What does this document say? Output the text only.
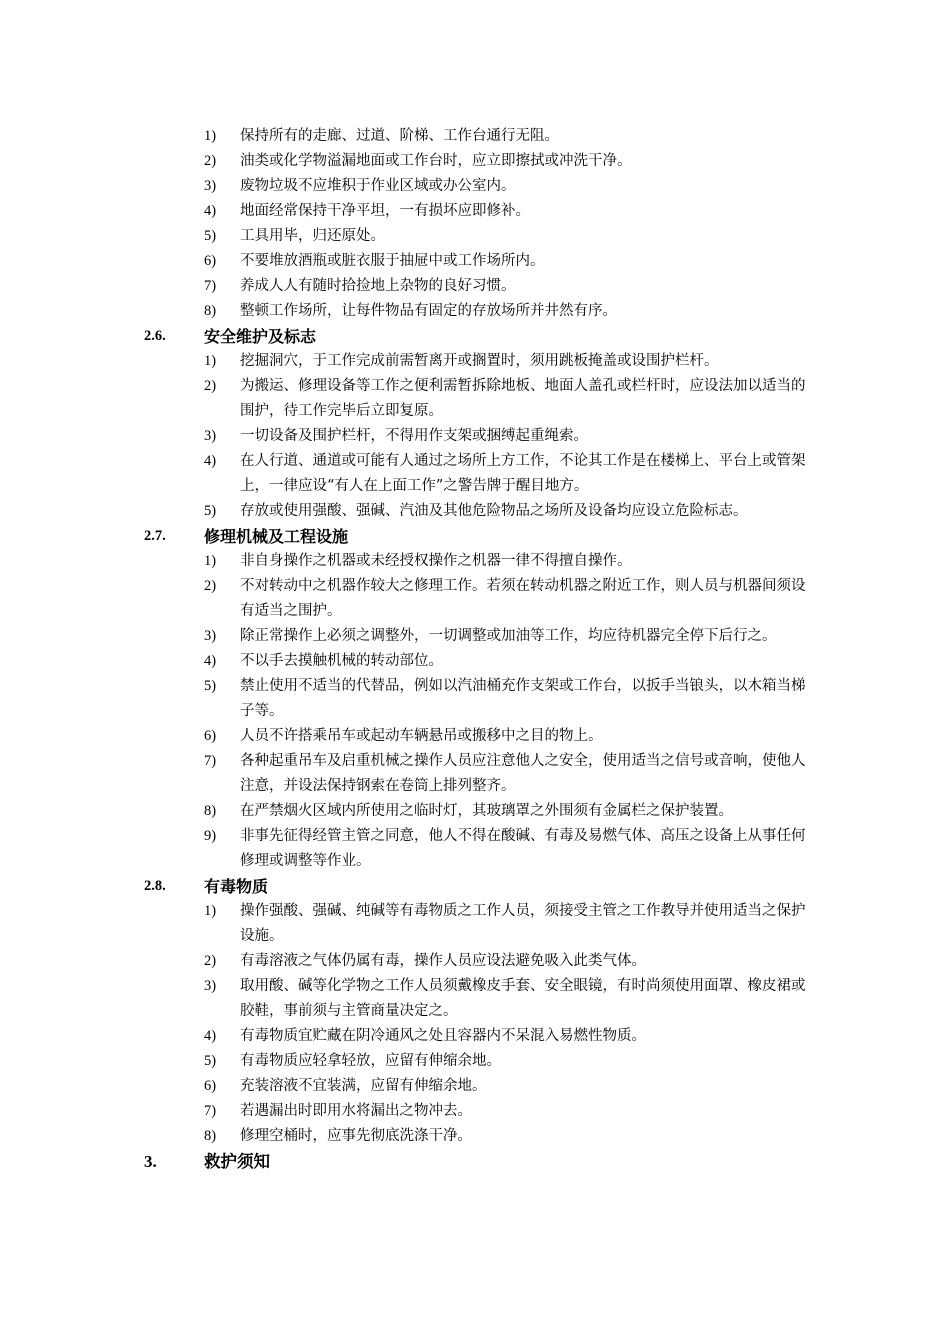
1) 保持所有的走廊、过道、阶梯、工作台通行无阻。
2) 油类或化学物溢漏地面或工作台时，应立即擦拭或冲洗干净。
3) 废物垃圾不应堆积于作业区域或办公室内。
4) 地面经常保持干净平坦，一有损坏应即修补。
5) 工具用毕，归还原处。
6) 不要堆放酒瓶或脏衣服于抽屉中或工作场所内。
7) 养成人人有随时拾捡地上杂物的良好习惯。
8) 整顿工作场所，让每件物品有固定的存放场所并井然有序。
2.6. 安全维护及标志
1) 挖掘洞穴，于工作完成前需暂离开或搁置时，须用跳板掩盖或设围护栏杆。
2) 为搬运、修理设备等工作之便利需暂拆除地板、地面人盖孔或栏杆时，应设法加以适当的围护，待工作完毕后立即复原。
3) 一切设备及围护栏杆，不得用作支架或捆缚起重绳索。
4) 在人行道、通道或可能有人通过之场所上方工作，不论其工作是在楼梯上、平台上或管架上，一律应设“有人在上面工作”之警告牌于醒目地方。
5) 存放或使用强酸、强碱、汽油及其他危险物品之场所及设备均应设立危险标志。
2.7. 修理机械及工程设施
1) 非自身操作之机器或未经授权操作之机器一律不得擅自操作。
2) 不对转动中之机器作较大之修理工作。若须在转动机器之附近工作，则人员与机器间须设有适当之围护。
3) 除正常操作上必须之调整外，一切调整或加油等工作，均应待机器完全停下后行之。
4) 不以手去摸触机械的转动部位。
5) 禁止使用不适当的代替品，例如以汽油桶充作支架或工作台，以扳手当锒头，以木箱当梯子等。
6) 人员不许搭乘吊车或起动车辆悬吊或搬移中之目的物上。
7) 各种起重吊车及启重机械之操作人员应注意他人之安全，使用适当之信号或音响，使他人注意，并设法保持钢索在卷筒上排列整齐。
8) 在严禁烟火区域内所使用之临时灯，其玻璃罩之外围须有金属栏之保护装置。
9) 非事先征得经管主管之同意，他人不得在酸碱、有毒及易燃气体、高压之设备上从事任何修理或调整等作业。
2.8. 有毒物质
1) 操作强酸、强碱、纯碱等有毒物质之工作人员，须接受主管之工作教导并使用适当之保护设施。
2) 有毒溶液之气体仍属有毒，操作人员应设法避免吸入此类气体。
3) 取用酸、碱等化学物之工作人员须戴橡皮手套、安全眼镜，有时尚须使用面罩、橡皮裙或胶鞋，事前须与主管商量决定之。
4) 有毒物质宜贮藏在阴冷通风之处且容器内不呆混入易燃性物质。
5) 有毒物质应轻拿轻放，应留有伸缩余地。
6) 充装溶液不宜装满，应留有伸缩余地。
7) 若遇漏出时即用水将漏出之物冲去。
8) 修理空桶时，应事先彻底洗涤干净。
3.	救护须知
